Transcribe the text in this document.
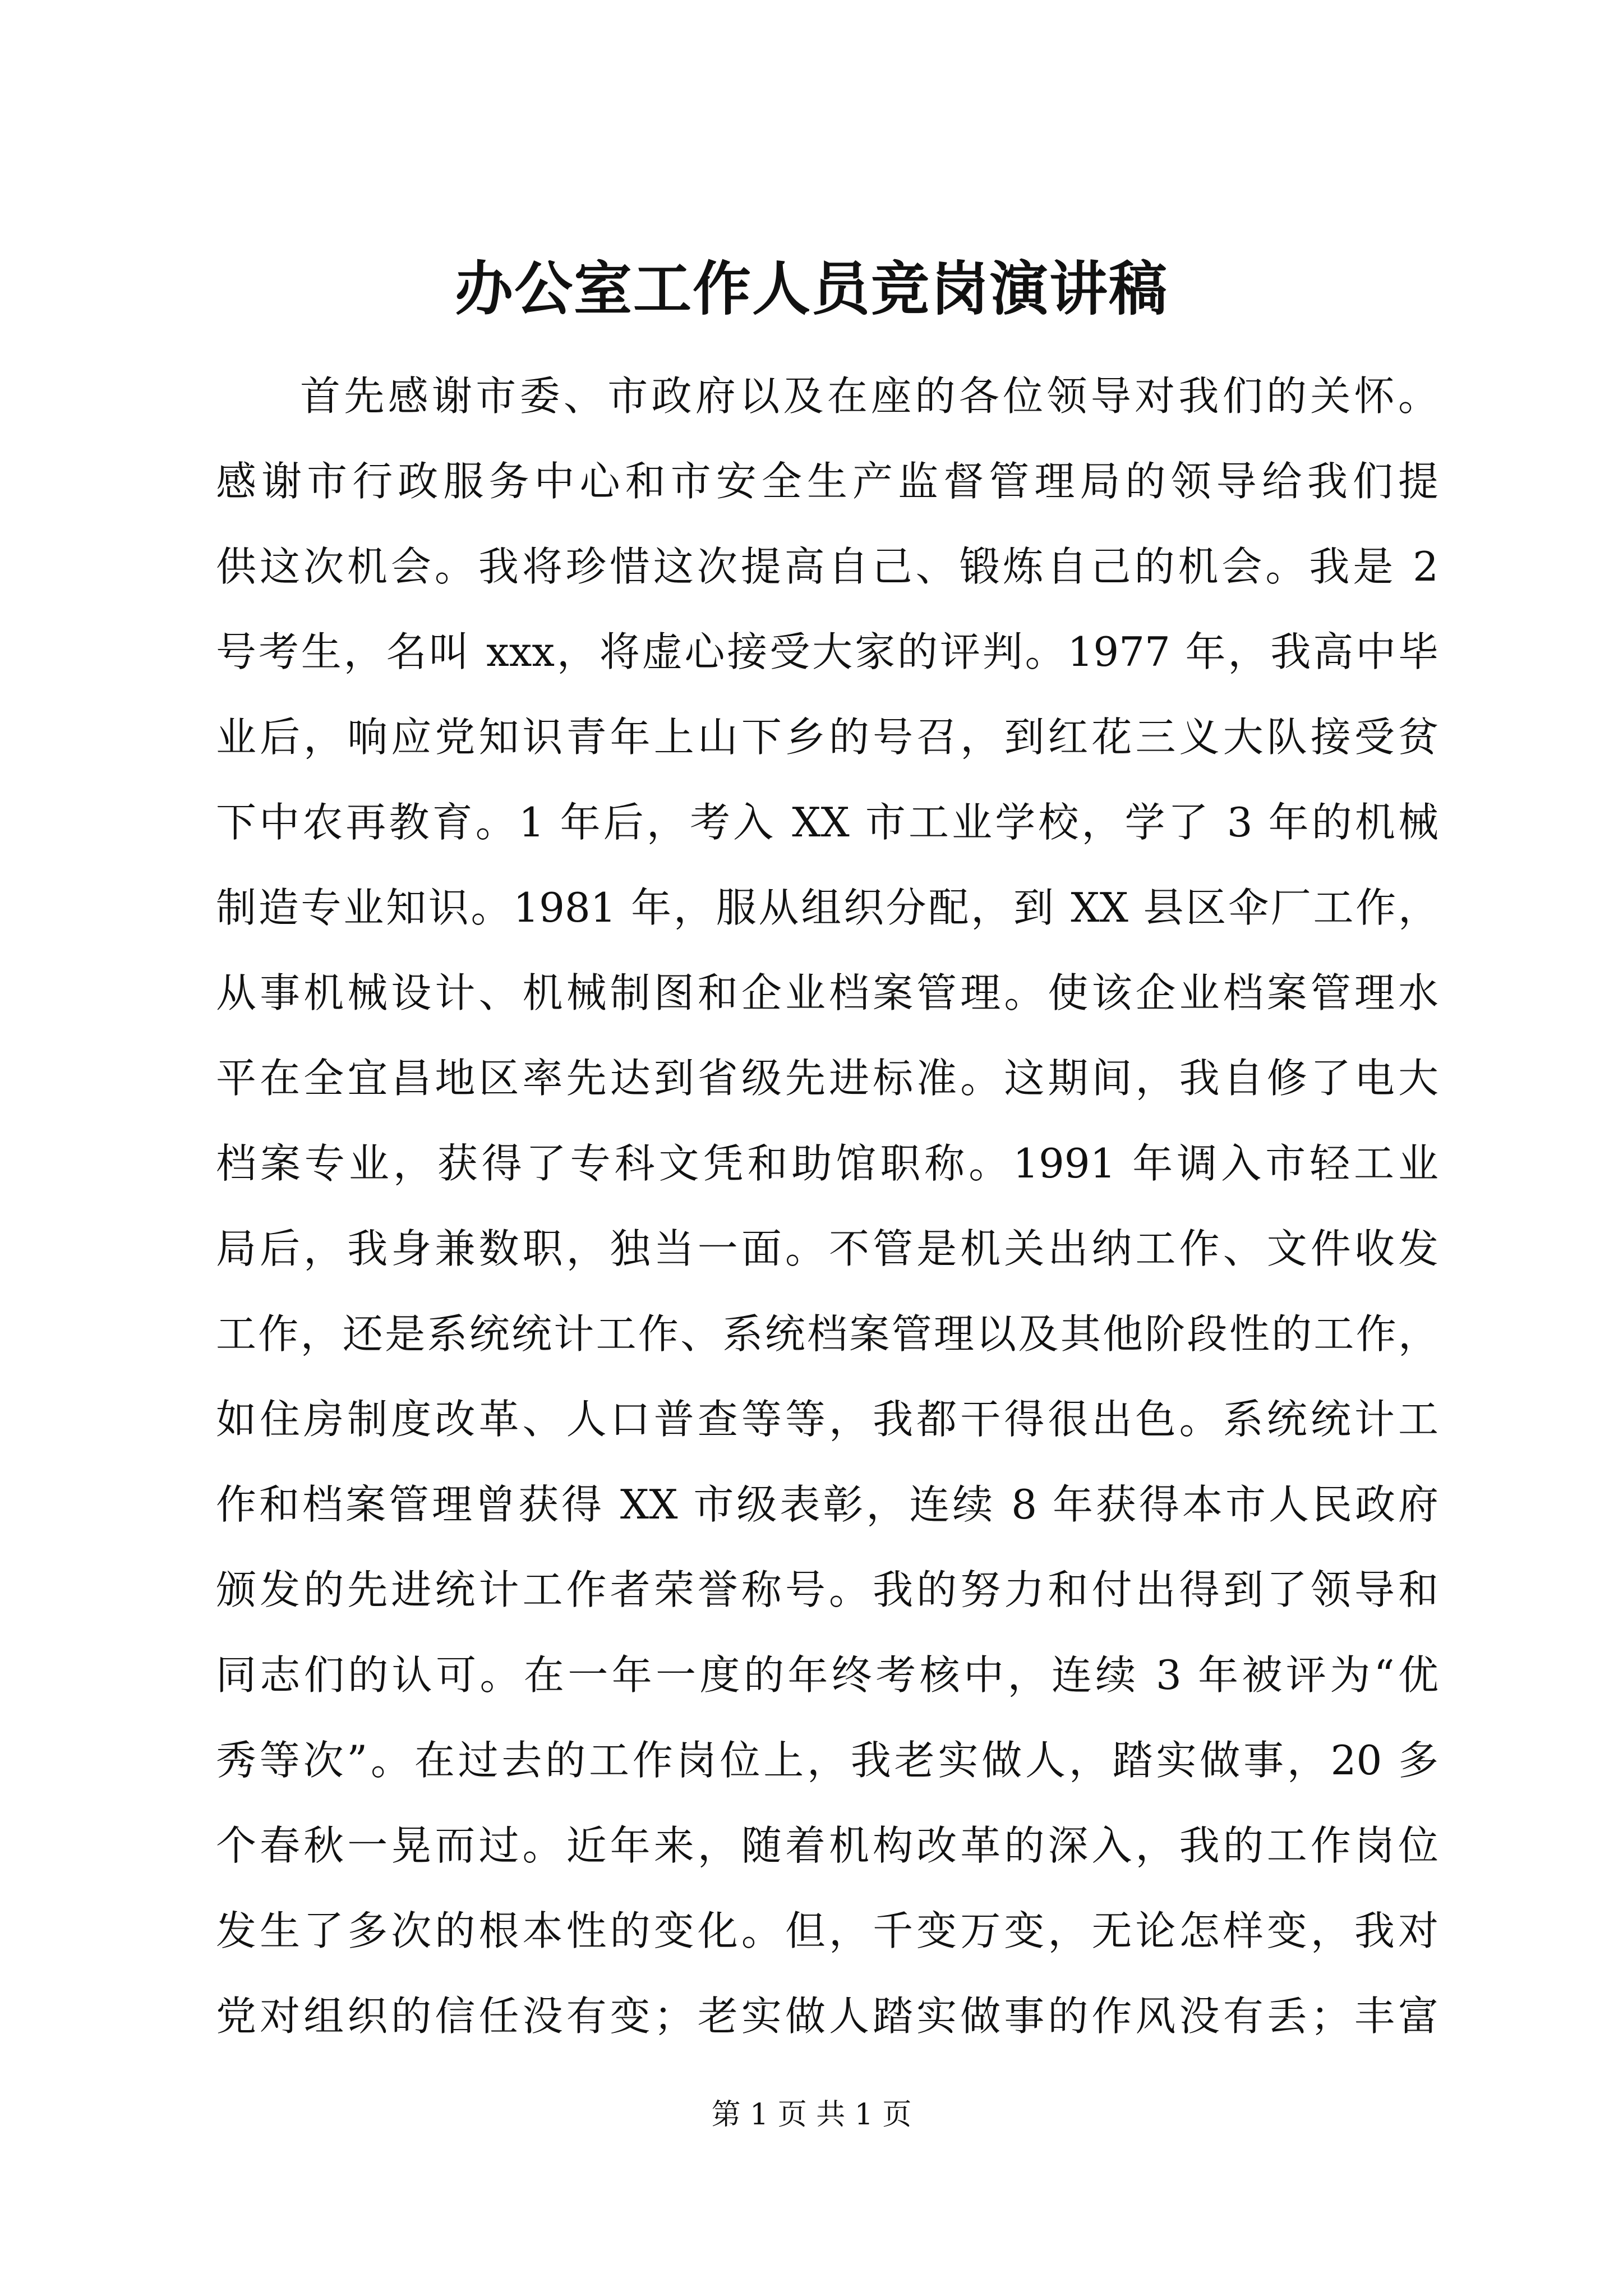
办公室工作人员竞岗演讲稿
首先感谢市委、市政府以及在座的各位领导对我们的关怀。
感谢市行政服务中心和市安全生产监督管理局的领导给我们提
供这次机会。我将珍惜这次提高自己、锻炼自己的机会。我是 2
号考生，名叫 xxx，将虚心接受大家的评判。1977 年，我高中毕
业后，响应党知识青年上山下乡的号召，到红花三义大队接受贫
下中农再教育。1 年后，考入 XX 市工业学校，学了 3 年的机械
制造专业知识。1981 年，服从组织分配，到 XX 县区伞厂工作，
从事机械设计、机械制图和企业档案管理。使该企业档案管理水
平在全宜昌地区率先达到省级先进标准。这期间，我自修了电大
档案专业，获得了专科文凭和助馆职称。1991 年调入市轻工业
局后，我身兼数职，独当一面。不管是机关出纳工作、文件收发
工作，还是系统统计工作、系统档案管理以及其他阶段性的工作，
如住房制度改革、人口普查等等，我都干得很出色。系统统计工
作和档案管理曾获得 XX 市级表彰，连续 8 年获得本市人民政府
颁发的先进统计工作者荣誉称号。我的努力和付出得到了领导和
同志们的认可。在一年一度的年终考核中，连续 3 年被评为“优
秀等次”。在过去的工作岗位上，我老实做人，踏实做事，20 多
个春秋一晃而过。近年来，随着机构改革的深入，我的工作岗位
发生了多次的根本性的变化。但，千变万变，无论怎样变，我对
党对组织的信任没有变；老实做人踏实做事的作风没有丢；丰富
第 1 页 共 1 页
